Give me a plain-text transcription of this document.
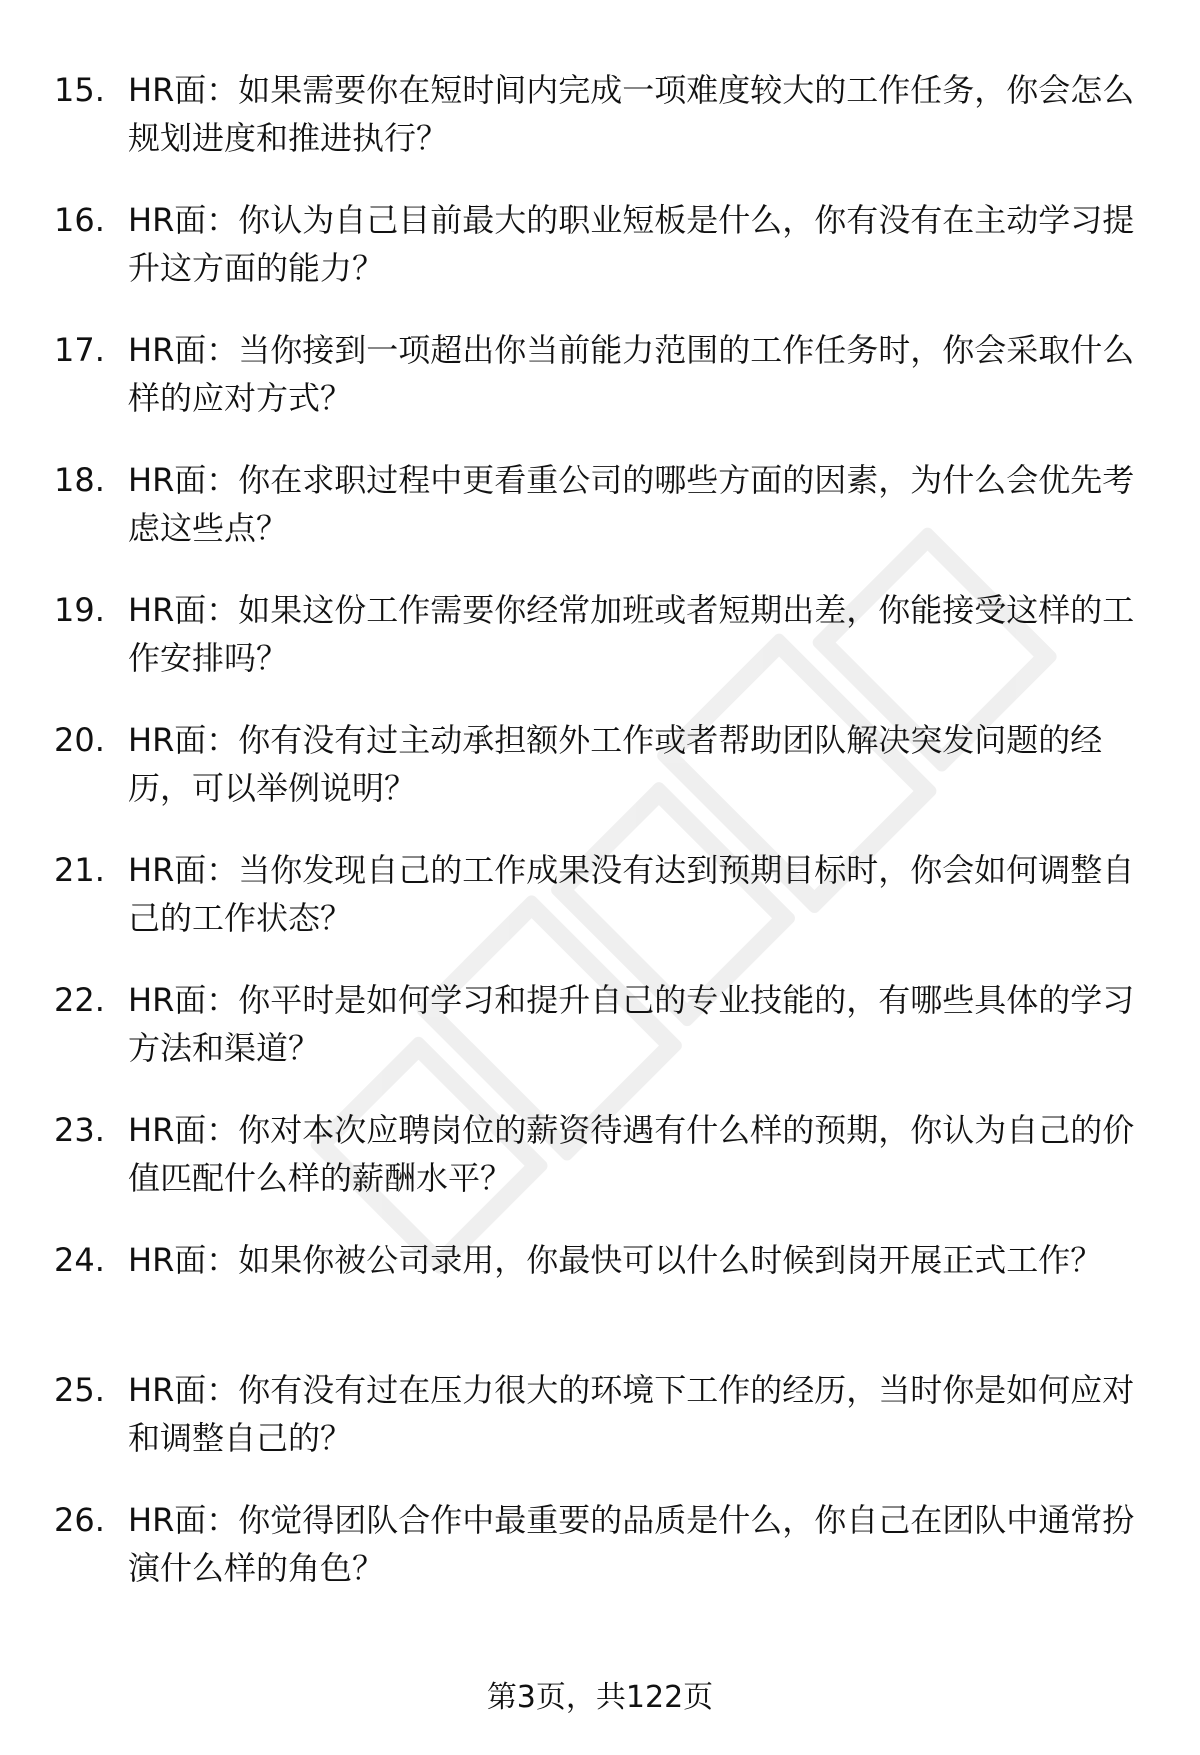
15. HR面：如果需要你在短时间内完成一项难度较大的工作任务，你会怎么规划进度和推进执行？
16. HR面：你认为自己目前最大的职业短板是什么，你有没有在主动学习提升这方面的能力？
17. HR面：当你接到一项超出你当前能力范围的工作任务时，你会采取什么样的应对方式？
18. HR面：你在求职过程中更看重公司的哪些方面的因素，为什么会优先考虑这些点？
19. HR面：如果这份工作需要你经常加班或者短期出差，你能接受这样的工作安排吗？
20. HR面：你有没有过主动承担额外工作或者帮助团队解决突发问题的经历，可以举例说明？
21. HR面：当你发现自己的工作成果没有达到预期目标时，你会如何调整自己的工作状态？
22. HR面：你平时是如何学习和提升自己的专业技能的，有哪些具体的学习方法和渠道？
23. HR面：你对本次应聘岗位的薪资待遇有什么样的预期，你认为自己的价值匹配什么样的薪酬水平？
24. HR面：如果你被公司录用，你最快可以什么时候到岗开展正式工作？
25. HR面：你有没有过在压力很大的环境下工作的经历，当时你是如何应对和调整自己的？
26. HR面：你觉得团队合作中最重要的品质是什么，你自己在团队中通常扮演什么样的角色？
第3页，共122页
